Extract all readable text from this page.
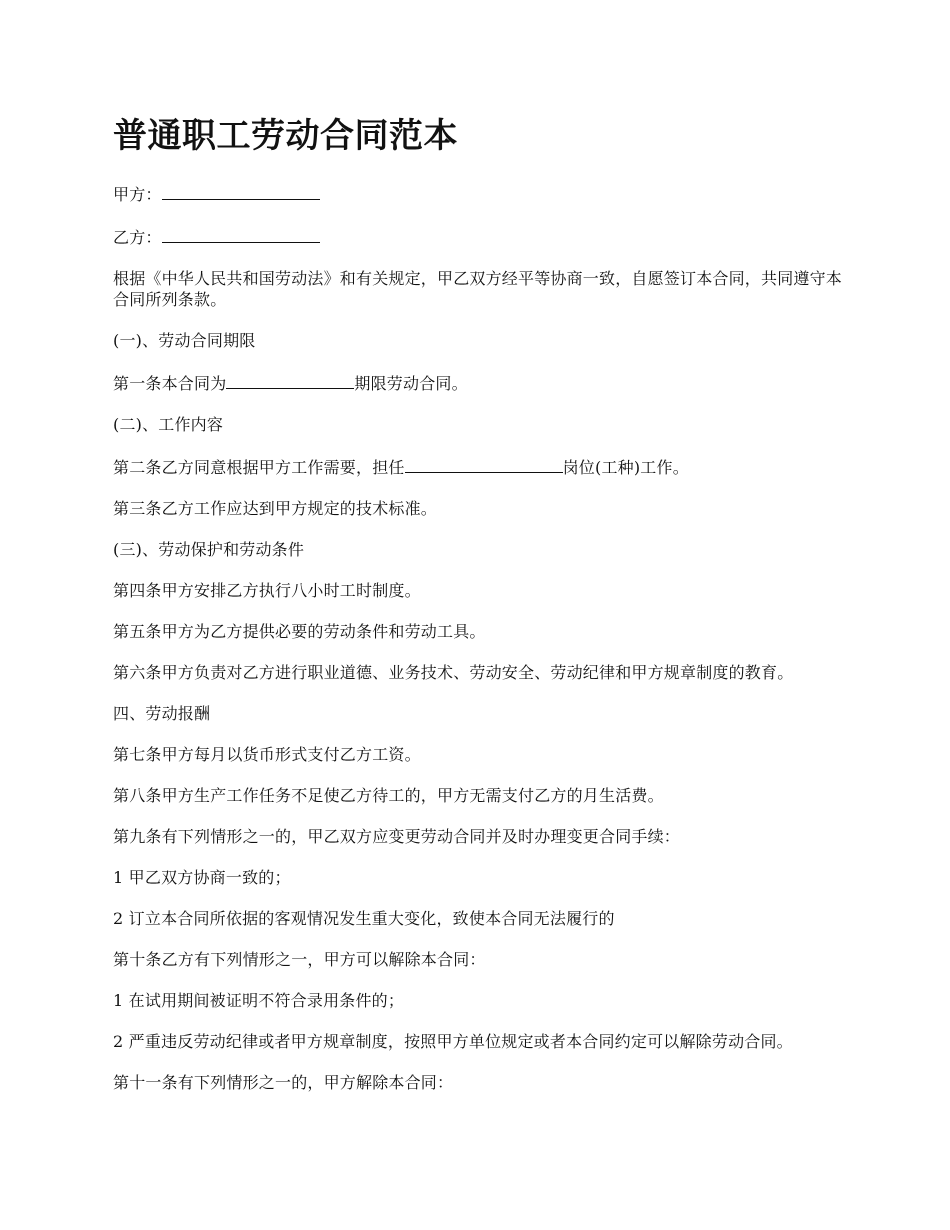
普通职工劳动合同范本

甲方：

乙方：

根据《中华人民共和国劳动法》和有关规定，甲乙双方经平等协商一致，自愿签订本合同，共同遵守本合同所列条款。

(一)、劳动合同期限

第一条本合同为	期限劳动合同。

(二)、工作内容

第二条乙方同意根据甲方工作需要，担任	岗位(工种)工作。

第三条乙方工作应达到甲方规定的技术标准。

(三)、劳动保护和劳动条件

第四条甲方安排乙方执行八小时工时制度。

第五条甲方为乙方提供必要的劳动条件和劳动工具。

第六条甲方负责对乙方进行职业道德、业务技术、劳动安全、劳动纪律和甲方规章制度的教育。

四、劳动报酬

第七条甲方每月以货币形式支付乙方工资。

第八条甲方生产工作任务不足使乙方待工的，甲方无需支付乙方的月生活费。

第九条有下列情形之一的，甲乙双方应变更劳动合同并及时办理变更合同手续：

1 甲乙双方协商一致的；

2 订立本合同所依据的客观情况发生重大变化，致使本合同无法履行的

第十条乙方有下列情形之一，甲方可以解除本合同：

1 在试用期间被证明不符合录用条件的；

2 严重违反劳动纪律或者甲方规章制度，按照甲方单位规定或者本合同约定可以解除劳动合同。

第十一条有下列情形之一的，甲方解除本合同：
